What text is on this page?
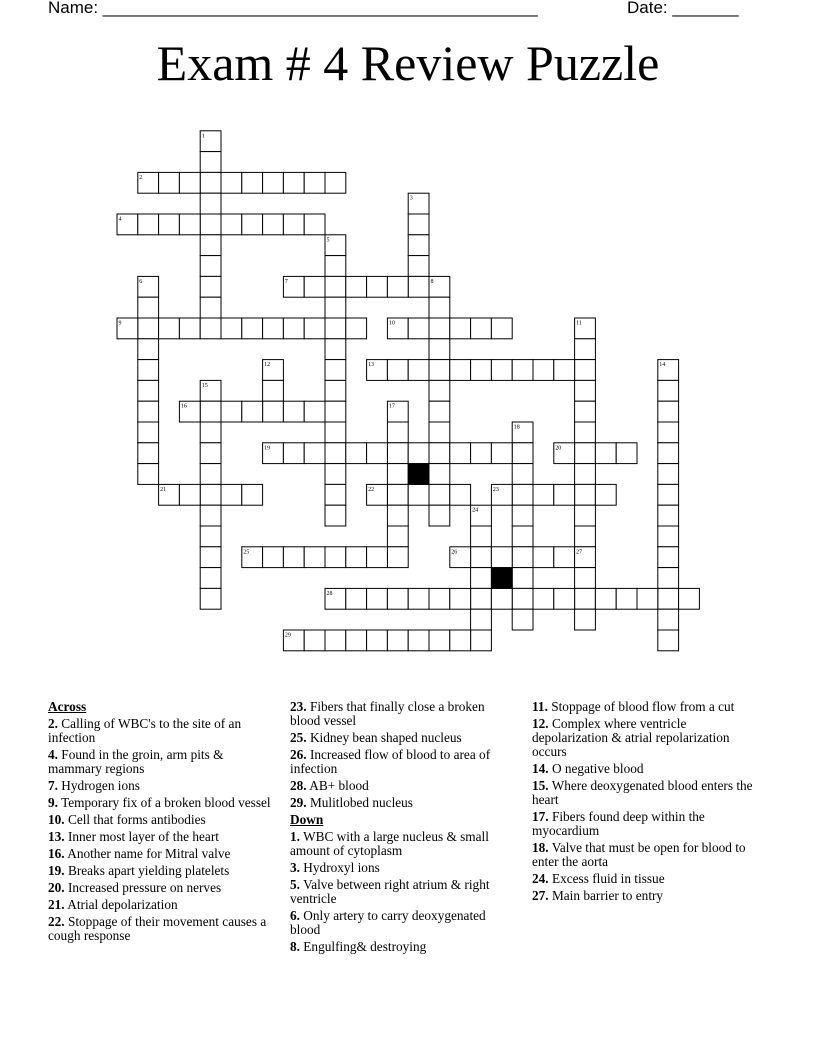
Name: ______________________________________________	Date: _______
Exam # 4 Review Puzzle
1
2
3
4
5
6	7	8
9	10	11
12	13	14
15
16	17
18
19	20
21	22	23
24
25	26	27
28
29
Across
2. Calling of WBC's to the site of an infection
4. Found in the groin, arm pits & mammary regions
7. Hydrogen ions
9. Temporary fix of a broken blood vessel
10. Cell that forms antibodies
13. Inner most layer of the heart
16. Another name for Mitral valve
19. Breaks apart yielding platelets
20. Increased pressure on nerves
21. Atrial depolarization
22. Stoppage of their movement causes a cough response
23. Fibers that finally close a broken blood vessel
25. Kidney bean shaped nucleus
26. Increased flow of blood to area of infection
28. AB+ blood
29. Mulitlobed nucleus
Down
1. WBC with a large nucleus & small amount of cytoplasm
3. Hydroxyl ions
5. Valve between right atrium & right ventricle
6. Only artery to carry deoxygenated blood
8. Engulfing& destroying
11. Stoppage of blood flow from a cut
12. Complex where ventricle depolarization & atrial repolarization occurs
14. O negative blood
15. Where deoxygenated blood enters the heart
17. Fibers found deep within the myocardium
18. Valve that must be open for blood to enter the aorta
24. Excess fluid in tissue
27. Main barrier to entry
